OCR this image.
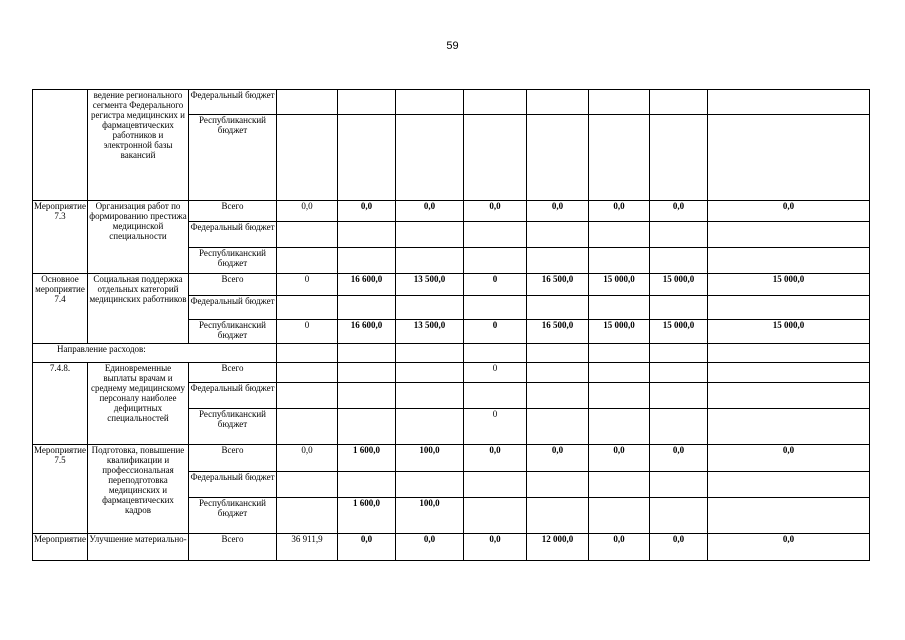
59
	ведение регионального сегмента Федерального регистра медицинских и фармацевтических работников и электронной базы вакансий	Федеральный бюджет								
		Республиканский бюджет								
Мероприятие 7.3	Организация работ по формированию престижа медицинской специальности	Всего	0,0	0,0	0,0	0,0	0,0	0,0	0,0	0,0
		Федеральный бюджет								
		Республиканский бюджет								
Основное мероприятие 7.4	Социальная поддержка отдельных категорий медицинских работников	Всего	0	16 600,0	13 500,0	0	16 500,0	15 000,0	15 000,0	15 000,0
		Федеральный бюджет								
		Республиканский бюджет	0	16 600,0	13 500,0	0	16 500,0	15 000,0	15 000,0	15 000,0
Направление расходов:										
7.4.8.	Единовременные выплаты врачам и среднему медицинскому персоналу наиболее дефицитных специальностей	Всего				0				
		Федеральный бюджет								
		Республиканский бюджет				0				
Мероприятие 7.5	Подготовка, повышение квалификации и профессиональная переподготовка медицинских и фармацевтических кадров	Всего	0,0	1 600,0	100,0	0,0	0,0	0,0	0,0	0,0
		Федеральный бюджет								
		Республиканский бюджет		1 600,0	100,0					
Мероприятие	Улучшение материально-	Всего	36 911,9	0,0	0,0	0,0	12 000,0	0,0	0,0	0,0
